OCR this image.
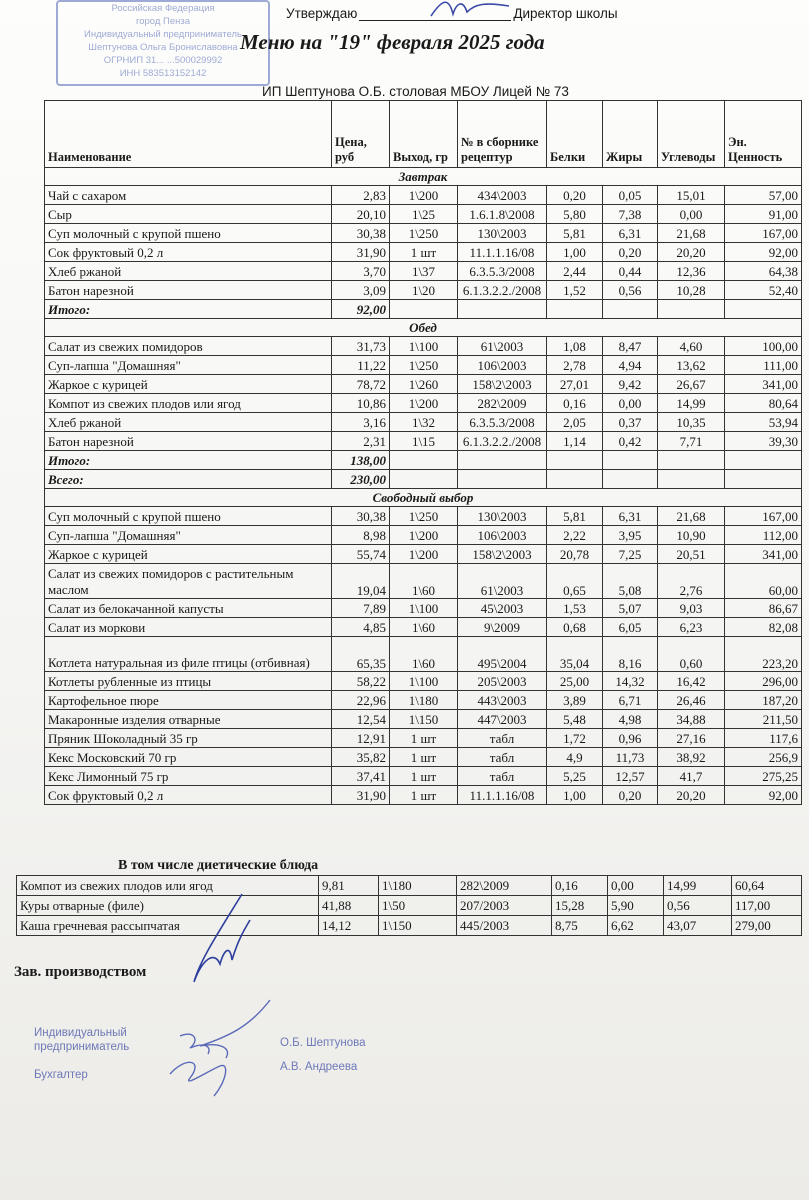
Российская Федерация
город Пенза
Индивидуальный предприниматель
Шептунова Ольга Брониславовна
ОГРНИП 31... ...500029992
ИНН 583513152142
Утверждаю	Директор школы
Меню на "19" февраля 2025 года
ИП Шептунова О.Б. столовая МБОУ Лицей № 73
Наименование	Цена, руб	Выход, гр	№ в сборнике рецептур	Белки	Жиры	Углеводы	Эн. Ценность
Завтрак							
Чай с сахаром	2,83	1\200	434\2003	0,20	0,05	15,01	57,00
Сыр	20,10	1\25	1.6.1.8\2008	5,80	7,38	0,00	91,00
Суп молочный с крупой пшено	30,38	1\250	130\2003	5,81	6,31	21,68	167,00
Сок фруктовый 0,2 л	31,90	1 шт	11.1.1.16/08	1,00	0,20	20,20	92,00
Хлеб ржаной	3,70	1\37	6.3.5.3/2008	2,44	0,44	12,36	64,38
Батон нарезной	3,09	1\20	6.1.3.2.2./2008	1,52	0,56	10,28	52,40
Итого:	92,00						
Обед							
Салат из свежих помидоров	31,73	1\100	61\2003	1,08	8,47	4,60	100,00
Суп-лапша "Домашняя"	11,22	1\250	106\2003	2,78	4,94	13,62	111,00
Жаркое с курицей	78,72	1\260	158\2\2003	27,01	9,42	26,67	341,00
Компот из свежих плодов или ягод	10,86	1\200	282\2009	0,16	0,00	14,99	80,64
Хлеб ржаной	3,16	1\32	6.3.5.3/2008	2,05	0,37	10,35	53,94
Батон нарезной	2,31	1\15	6.1.3.2.2./2008	1,14	0,42	7,71	39,30
Итого:	138,00						
Всего:	230,00						
Свободный выбор							
Суп молочный с крупой пшено	30,38	1\250	130\2003	5,81	6,31	21,68	167,00
Суп-лапша "Домашняя"	8,98	1\200	106\2003	2,22	3,95	10,90	112,00
Жаркое с курицей	55,74	1\200	158\2\2003	20,78	7,25	20,51	341,00
Салат из свежих помидоров с растительным маслом	19,04	1\60	61\2003	0,65	5,08	2,76	60,00
Салат из белокачанной капусты	7,89	1\100	45\2003	1,53	5,07	9,03	86,67
Салат из моркови	4,85	1\60	9\2009	0,68	6,05	6,23	82,08
Котлета натуральная из филе птицы (отбивная)	65,35	1\60	495\2004	35,04	8,16	0,60	223,20
Котлеты рубленные из птицы	58,22	1\100	205\2003	25,00	14,32	16,42	296,00
Картофельное пюре	22,96	1\180	443\2003	3,89	6,71	26,46	187,20
Макаронные изделия отварные	12,54	1\150	447\2003	5,48	4,98	34,88	211,50
Пряник Шоколадный 35 гр	12,91	1 шт	табл	1,72	0,96	27,16	117,6
Кекс Московский 70 гр	35,82	1 шт	табл	4,9	11,73	38,92	256,9
Кекс Лимонный 75 гр	37,41	1 шт	табл	5,25	12,57	41,7	275,25
Сок фруктовый 0,2 л	31,90	1 шт	11.1.1.16/08	1,00	0,20	20,20	92,00
В том числе диетические блюда
Компот из свежих плодов или ягод	9,81	1\180	282\2009	0,16	0,00	14,99	60,64
Куры отварные (филе)	41,88	1\50	207/2003	15,28	5,90	0,56	117,00
Каша гречневая рассыпчатая	14,12	1\150	445/2003	8,75	6,62	43,07	279,00
Зав. производством
Индивидуальный
предприниматель
Бухгалтер
О.Б. Шептунова
А.В. Андреева
